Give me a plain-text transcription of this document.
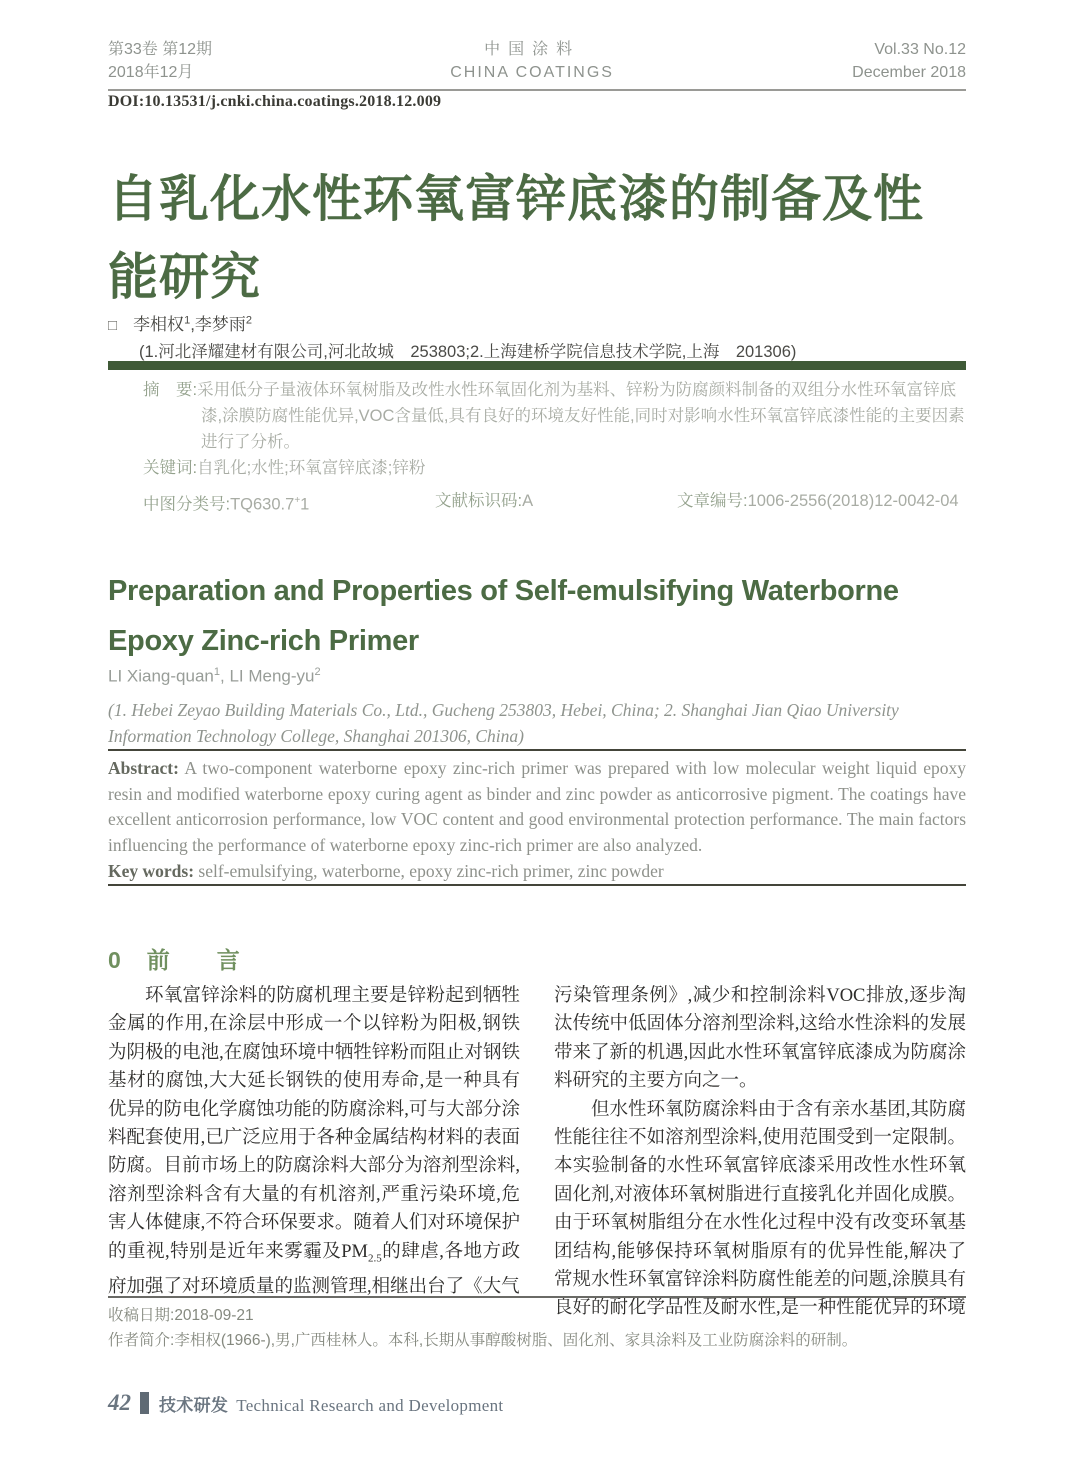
第33卷 第12期
2018年12月
中国涂料
CHINA COATINGS
Vol.33 No.12
December 2018
DOI:10.13531/j.cnki.china.coatings.2018.12.009
自乳化水性环氧富锌底漆的制备及性能研究
□ 李相权$^1$,李梦雨$^2$
(1.河北泽耀建材有限公司,河北故城　253803;2.上海建桥学院信息技术学院,上海　201306)
摘　要:采用低分子量液体环氧树脂及改性水性环氧固化剂为基料、锌粉为防腐颜料制备的双组分水性环氧富锌底漆,涂膜防腐性能优异,VOC含量低,具有良好的环境友好性能,同时对影响水性环氧富锌底漆性能的主要因素进行了分析。
关键词:自乳化;水性;环氧富锌底漆;锌粉
中图分类号:TQ630.7+1	文献标识码:A	文章编号:1006-2556(2018)12-0042-04
Preparation and Properties of Self-emulsifying Waterborne
Epoxy Zinc-rich Primer
LI Xiang-quan$^1$, LI Meng-$yu^2$
(1. Hebei Zeyao Building Materials Co., Ltd., Gucheng 253803, Hebei, China; 2. Shanghai Jian Qiao University Information Technology College, Shanghai 201306, China)
Abstract: A two-component waterborne epoxy zinc-rich primer was prepared with low molecular weight liquid epoxy resin and modified waterborne epoxy curing agent as binder and zinc powder as anticorrosive pigment. The coatings have excellent anticorrosion performance, low VOC content and good environmental protection performance. The main factors influencing the performance of waterborne epoxy zinc-rich primer are also analyzed.
Key words: self-emulsifying, waterborne, epoxy zinc-rich primer, zinc powder
0 前　言

环氧富锌涂料的防腐机理主要是锌粉起到牺牲金属的作用,在涂层中形成一个以锌粉为阳极,钢铁为阴极的电池,在腐蚀环境中牺牲锌粉而阻止对钢铁基材的腐蚀,大大延长钢铁的使用寿命,是一种具有优异的防电化学腐蚀功能的防腐涂料,可与大部分涂料配套使用,已广泛应用于各种金属结构材料的表面防腐。目前市场上的防腐涂料大部分为溶剂型涂料,溶剂型涂料含有大量的有机溶剂,严重污染环境,危害人体健康,不符合环保要求。随着人们对环境保护的重视,特别是近年来雾霾及$PM_{2.5}$的肆虐,各地方政府加强了对环境质量的监测管理,相继出台了《大气

污染管理条例》,减少和控制涂料VOC排放,逐步淘汰传统中低固体分溶剂型涂料,这给水性涂料的发展带来了新的机遇,因此水性环氧富锌底漆成为防腐涂料研究的主要方向之一。

但水性环氧防腐涂料由于含有亲水基团,其防腐性能往往不如溶剂型涂料,使用范围受到一定限制。本实验制备的水性环氧富锌底漆采用改性水性环氧固化剂,对液体环氧树脂进行直接乳化并固化成膜。由于环氧树脂组分在水性化过程中没有改变环氧基团结构,能够保持环氧树脂原有的优异性能,解决了常规水性环氧富锌涂料防腐性能差的问题,涂膜具有良好的耐化学品性及耐水性,是一种性能优异的环境

收稿日期:2018-09-21
作者简介:李相权(1966-),男,广西桂林人。本科,长期从事醇酸树脂、固化剂、家具涂料及工业防腐涂料的研制。
42 技术研发 Technical Research and Development
